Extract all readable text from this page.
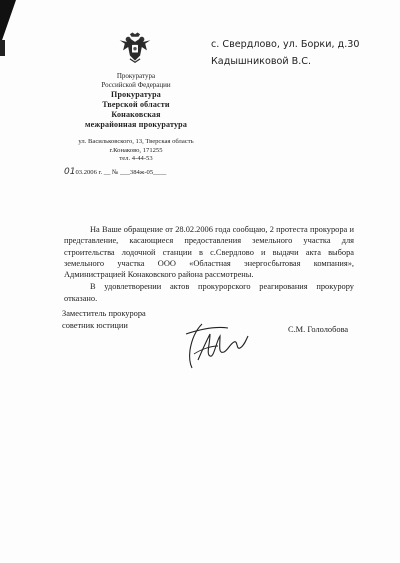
Прокуратура
Российской Федерации
Прокуратура
Тверской области
Конаковская
межрайонная прокуратура
ул. Васильковского, 13, Тверская область
г.Конаково, 171255
тел. 4-44-53
0103.2006 г. __ № ___384ж-05____
с. Свердлово, ул. Борки, д.30
Кадышниковой В.С.

На Ваше обращение от 28.02.2006 года сообщаю, 2 протеста прокурора и представление, касающиеся предоставления земельного участка для строительства лодочной станции в с.Свердлово и выдачи акта выбора земельного участка ООО «Областная энергосбытовая компания», Администрацией Конаковского района рассмотрены.

В удовлетворении актов прокурорского реагирования прокурору отказано.

Заместитель прокурора
советник юстиции	С.М. Гололобова
